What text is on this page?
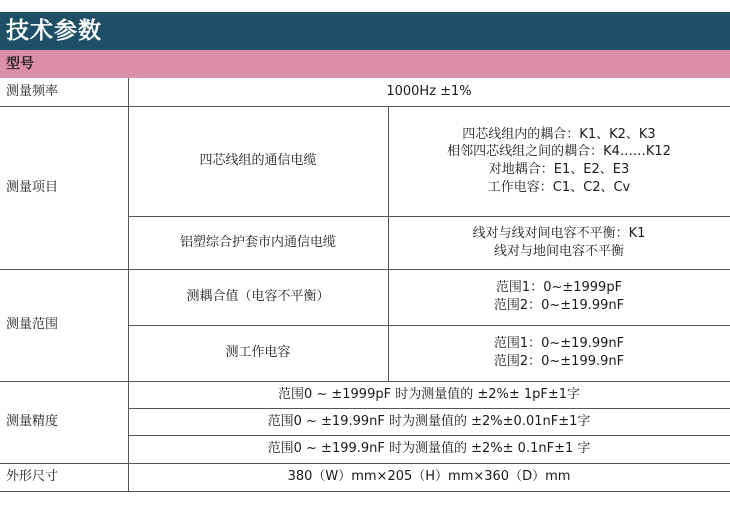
技术参数
型号
测量频率	1000Hz ±1%
测量项目
四芯线组的通信电缆
四芯线组内的耦合：K1、K2、K3
相邻四芯线组之间的耦合：K4……K12
对地耦合：E1、E2、E3
工作电容：C1、C2、Cv
铝塑综合护套市内通信电缆
线对与线对间电容不平衡：K1
线对与地间电容不平衡
测量范围
测耦合值（电容不平衡）
范围1：0~±1999pF
范围2：0~±19.99nF
测工作电容
范围1：0~±19.99nF
范围2：0~±199.9nF
测量精度
范围0 ~ ±1999pF 时为测量值的 ±2%± 1pF±1字
范围0 ~ ±19.99nF 时为测量值的 ±2%±0.01nF±1字
范围0 ~ ±199.9nF 时为测量值的 ±2%± 0.1nF±1 字
外形尺寸	380（W）mm×205（H）mm×360（D）mm
